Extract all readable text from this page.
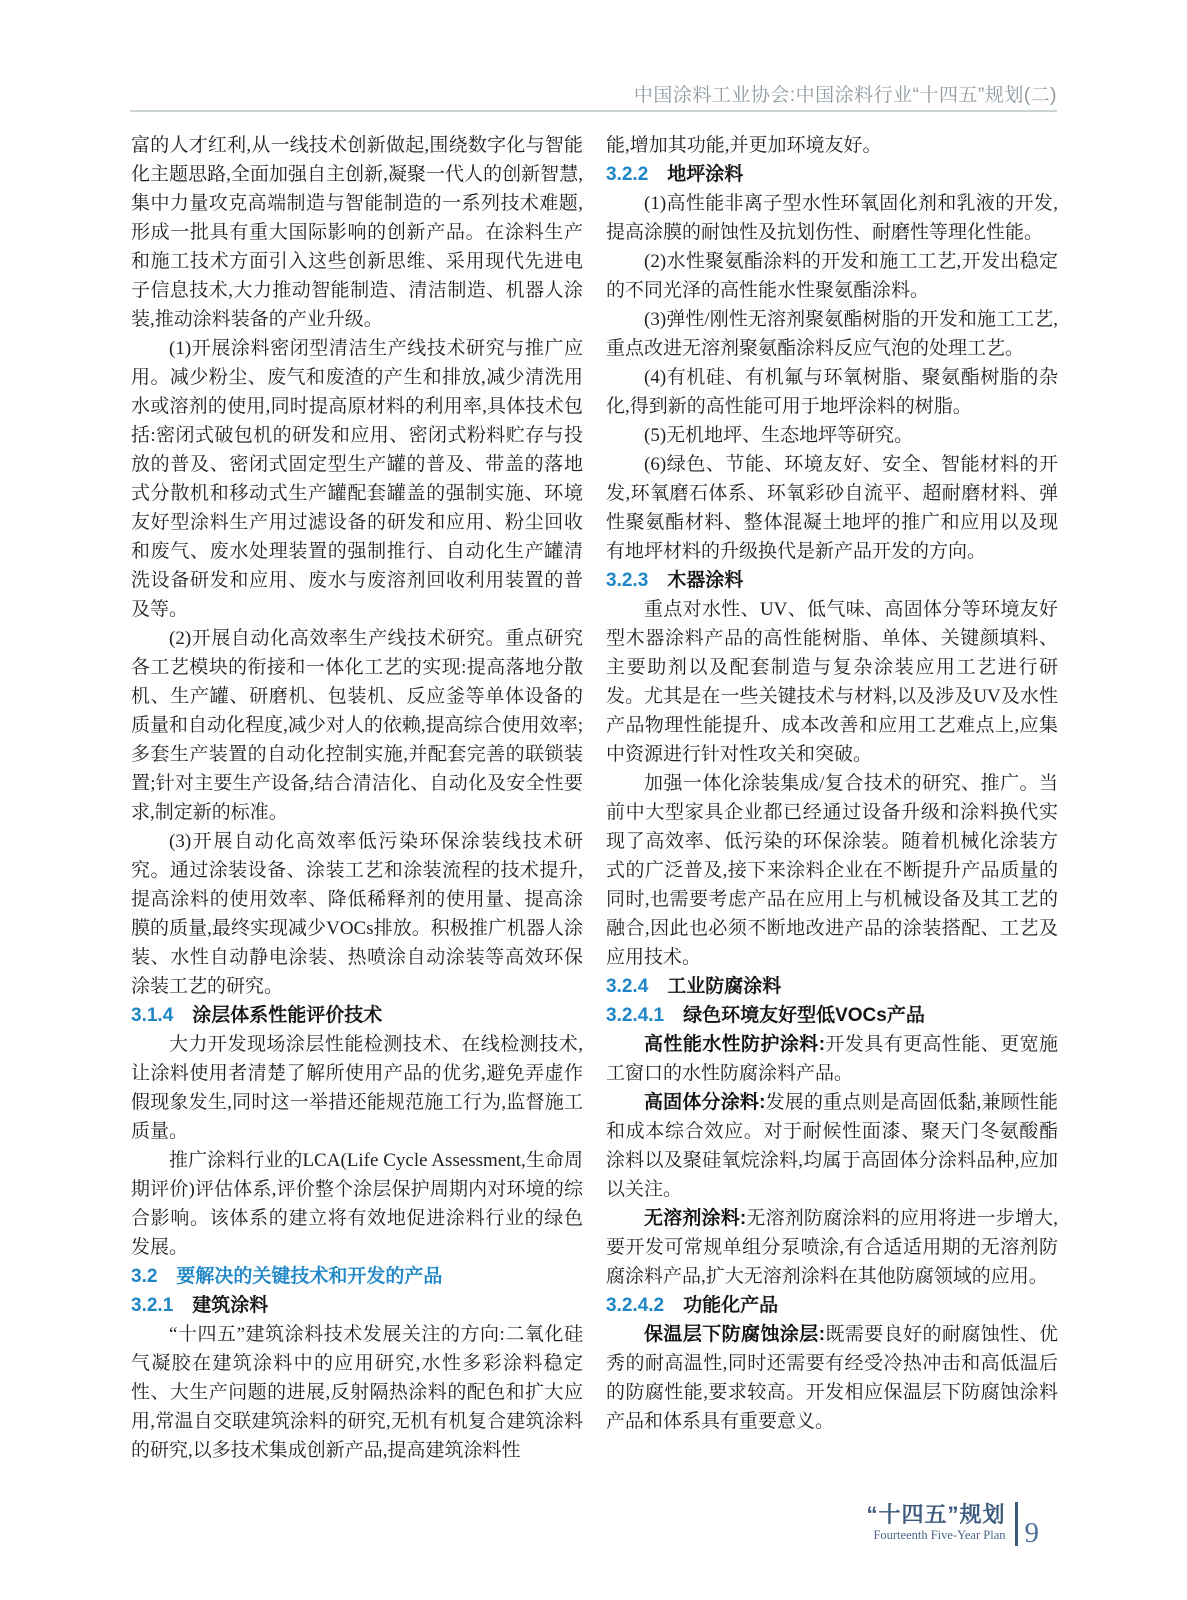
中国涂料工业协会:中国涂料行业“十四五”规划(二)

富的人才红利,从一线技术创新做起,围绕数字化与智能化主题思路,全面加强自主创新,凝聚一代人的创新智慧,集中力量攻克高端制造与智能制造的一系列技术难题,形成一批具有重大国际影响的创新产品。在涂料生产和施工技术方面引入这些创新思维、采用现代先进电子信息技术,大力推动智能制造、清洁制造、机器人涂装,推动涂料装备的产业升级。

(1)开展涂料密闭型清洁生产线技术研究与推广应用。减少粉尘、废气和废渣的产生和排放,减少清洗用水或溶剂的使用,同时提高原材料的利用率,具体技术包括:密闭式破包机的研发和应用、密闭式粉料贮存与投放的普及、密闭式固定型生产罐的普及、带盖的落地式分散机和移动式生产罐配套罐盖的强制实施、环境友好型涂料生产用过滤设备的研发和应用、粉尘回收和废气、废水处理装置的强制推行、自动化生产罐清洗设备研发和应用、废水与废溶剂回收利用装置的普及等。

(2)开展自动化高效率生产线技术研究。重点研究各工艺模块的衔接和一体化工艺的实现:提高落地分散机、生产罐、研磨机、包装机、反应釜等单体设备的质量和自动化程度,减少对人的依赖,提高综合使用效率;多套生产装置的自动化控制实施,并配套完善的联锁装置;针对主要生产设备,结合清洁化、自动化及安全性要求,制定新的标准。

(3)开展自动化高效率低污染环保涂装线技术研究。通过涂装设备、涂装工艺和涂装流程的技术提升,提高涂料的使用效率、降低稀释剂的使用量、提高涂膜的质量,最终实现减少VOCs排放。积极推广机器人涂装、水性自动静电涂装、热喷涂自动涂装等高效环保涂装工艺的研究。

3.1.4 涂层体系性能评价技术

大力开发现场涂层性能检测技术、在线检测技术,让涂料使用者清楚了解所使用产品的优劣,避免弄虚作假现象发生,同时这一举措还能规范施工行为,监督施工质量。

推广涂料行业的LCA(Life Cycle Assessment,生命周期评价)评估体系,评价整个涂层保护周期内对环境的综合影响。该体系的建立将有效地促进涂料行业的绿色发展。

3.2 要解决的关键技术和开发的产品
3.2.1 建筑涂料

“十四五”建筑涂料技术发展关注的方向:二氧化硅气凝胶在建筑涂料中的应用研究,水性多彩涂料稳定性、大生产问题的进展,反射隔热涂料的配色和扩大应用,常温自交联建筑涂料的研究,无机有机复合建筑涂料的研究,以多技术集成创新产品,提高建筑涂料性

能,增加其功能,并更加环境友好。

3.2.2 地坪涂料

(1)高性能非离子型水性环氧固化剂和乳液的开发,提高涂膜的耐蚀性及抗划伤性、耐磨性等理化性能。

(2)水性聚氨酯涂料的开发和施工工艺,开发出稳定的不同光泽的高性能水性聚氨酯涂料。

(3)弹性/刚性无溶剂聚氨酯树脂的开发和施工工艺,重点改进无溶剂聚氨酯涂料反应气泡的处理工艺。

(4)有机硅、有机氟与环氧树脂、聚氨酯树脂的杂化,得到新的高性能可用于地坪涂料的树脂。

(5)无机地坪、生态地坪等研究。

(6)绿色、节能、环境友好、安全、智能材料的开发,环氧磨石体系、环氧彩砂自流平、超耐磨材料、弹性聚氨酯材料、整体混凝土地坪的推广和应用以及现有地坪材料的升级换代是新产品开发的方向。

3.2.3 木器涂料

重点对水性、UV、低气味、高固体分等环境友好型木器涂料产品的高性能树脂、单体、关键颜填料、主要助剂以及配套制造与复杂涂装应用工艺进行研发。尤其是在一些关键技术与材料,以及涉及UV及水性产品物理性能提升、成本改善和应用工艺难点上,应集中资源进行针对性攻关和突破。

加强一体化涂装集成/复合技术的研究、推广。当前中大型家具企业都已经通过设备升级和涂料换代实现了高效率、低污染的环保涂装。随着机械化涂装方式的广泛普及,接下来涂料企业在不断提升产品质量的同时,也需要考虑产品在应用上与机械设备及其工艺的融合,因此也必须不断地改进产品的涂装搭配、工艺及应用技术。

3.2.4 工业防腐涂料
3.2.4.1 绿色环境友好型低VOCs产品

高性能水性防护涂料:开发具有更高性能、更宽施工窗口的水性防腐涂料产品。

高固体分涂料:发展的重点则是高固低黏,兼顾性能和成本综合效应。对于耐候性面漆、聚天门冬氨酸酯涂料以及聚硅氧烷涂料,均属于高固体分涂料品种,应加以关注。

无溶剂涂料:无溶剂防腐涂料的应用将进一步增大,要开发可常规单组分泵喷涂,有合适适用期的无溶剂防腐涂料产品,扩大无溶剂涂料在其他防腐领域的应用。

3.2.4.2 功能化产品

保温层下防腐蚀涂层:既需要良好的耐腐蚀性、优秀的耐高温性,同时还需要有经受冷热冲击和高低温后的防腐性能,要求较高。开发相应保温层下防腐蚀涂料产品和体系具有重要意义。

“十四五”规划
Fourteenth Five-Year Plan 9
